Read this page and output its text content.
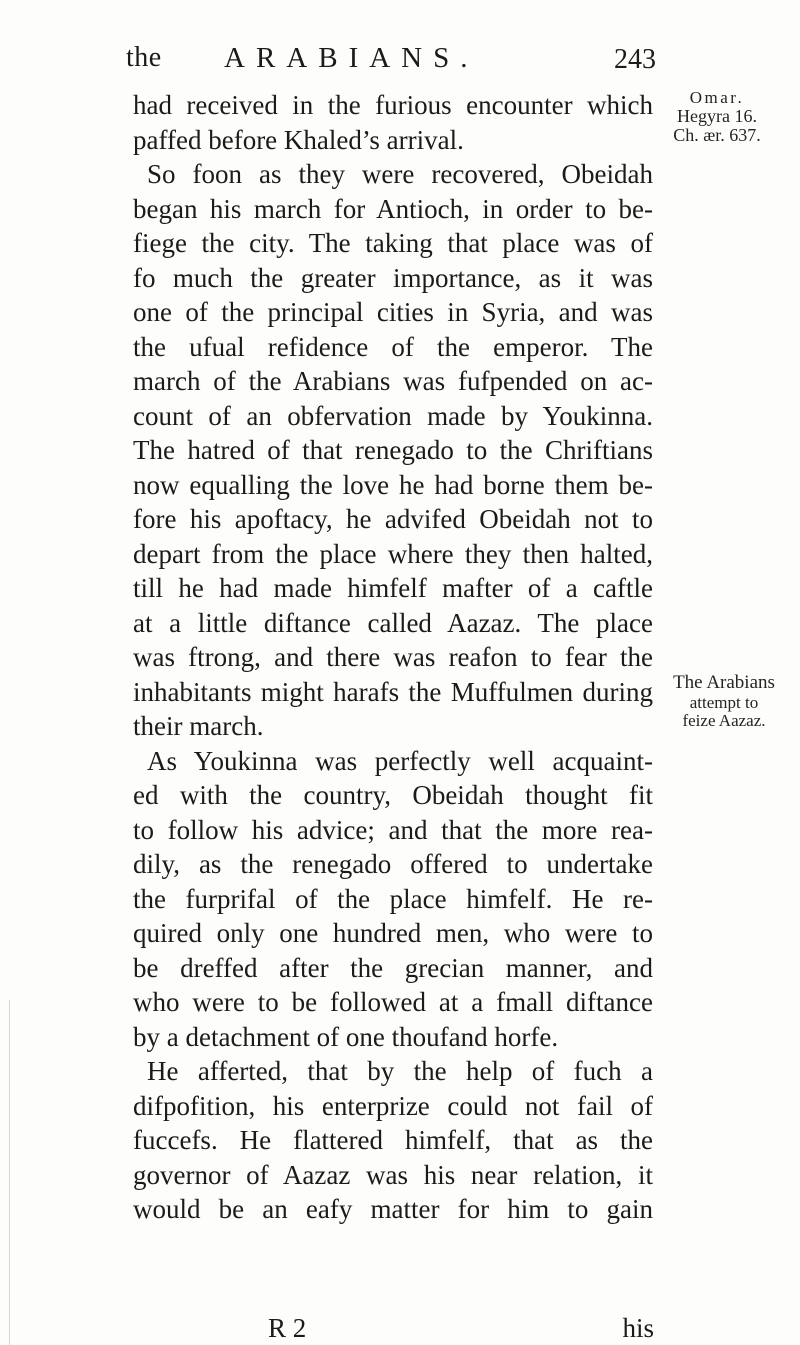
the ARABIANS.	243
had received in the furious encounter which
paffed before Khaled’s arrival.
So foon as they were recovered, Obeidah
began his march for Antioch, in order to be-
fiege the city. The taking that place was of
fo much the greater importance, as it was
one of the principal cities in Syria, and was
the ufual refidence of the emperor. The
march of the Arabians was fufpended on ac-
count of an obfervation made by Youkinna.
The hatred of that renegado to the Chriftians
now equalling the love he had borne them be-
fore his apoftacy, he advifed Obeidah not to
depart from the place where they then halted,
till he had made himfelf mafter of a caftle
at a little diftance called Aazaz. The place
was ftrong, and there was reafon to fear the
inhabitants might harafs the Muffulmen during
their march.
As Youkinna was perfectly well acquaint-
ed with the country, Obeidah thought fit
to follow his advice; and that the more rea-
dily, as the renegado offered to undertake
the furprifal of the place himfelf. He re-
quired only one hundred men, who were to
be dreffed after the grecian manner, and
who were to be followed at a fmall diftance
by a detachment of one thoufand horfe.
He afferted, that by the help of fuch a
difpofition, his enterprize could not fail of
fuccefs. He flattered himfelf, that as the
governor of Aazaz was his near relation, it
would be an eafy matter for him to gain
Omar.
Hegyra 16.
Ch. ær. 637.
The Arabians
attempt to
feize Aazaz.
R 2	his
